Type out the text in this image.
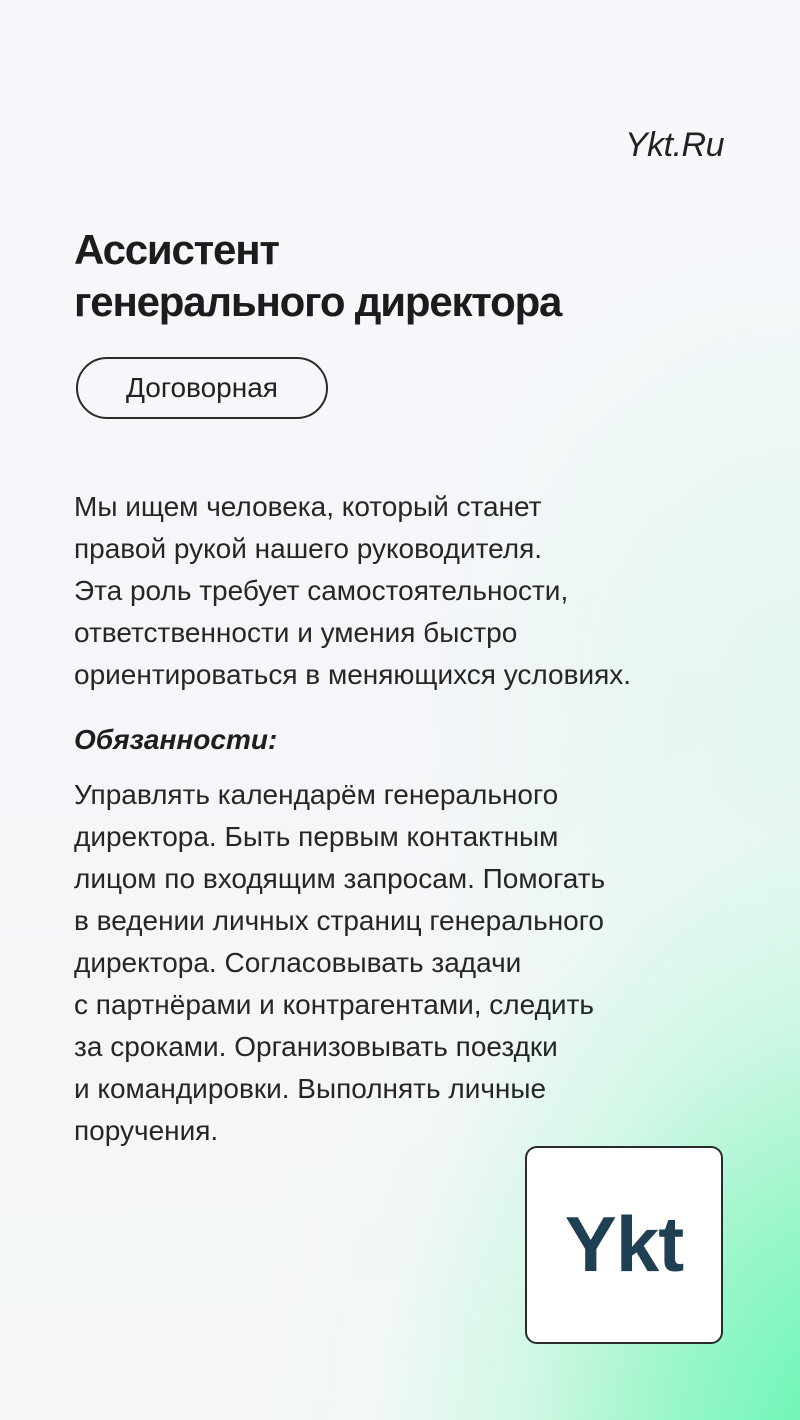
Ykt.Ru
Ассистент
генерального директора
Договорная
Мы ищем человека, который станет
правой рукой нашего руководителя.
Эта роль требует самостоятельности,
ответственности и умения быстро
ориентироваться в меняющихся условиях.
Обязанности:
Управлять календарём генерального
директора. Быть первым контактным
лицом по входящим запросам. Помогать
в ведении личных страниц генерального
директора. Согласовывать задачи
с партнёрами и контрагентами, следить
за сроками. Организовывать поездки
и командировки. Выполнять личные
поручения.
Ykt
